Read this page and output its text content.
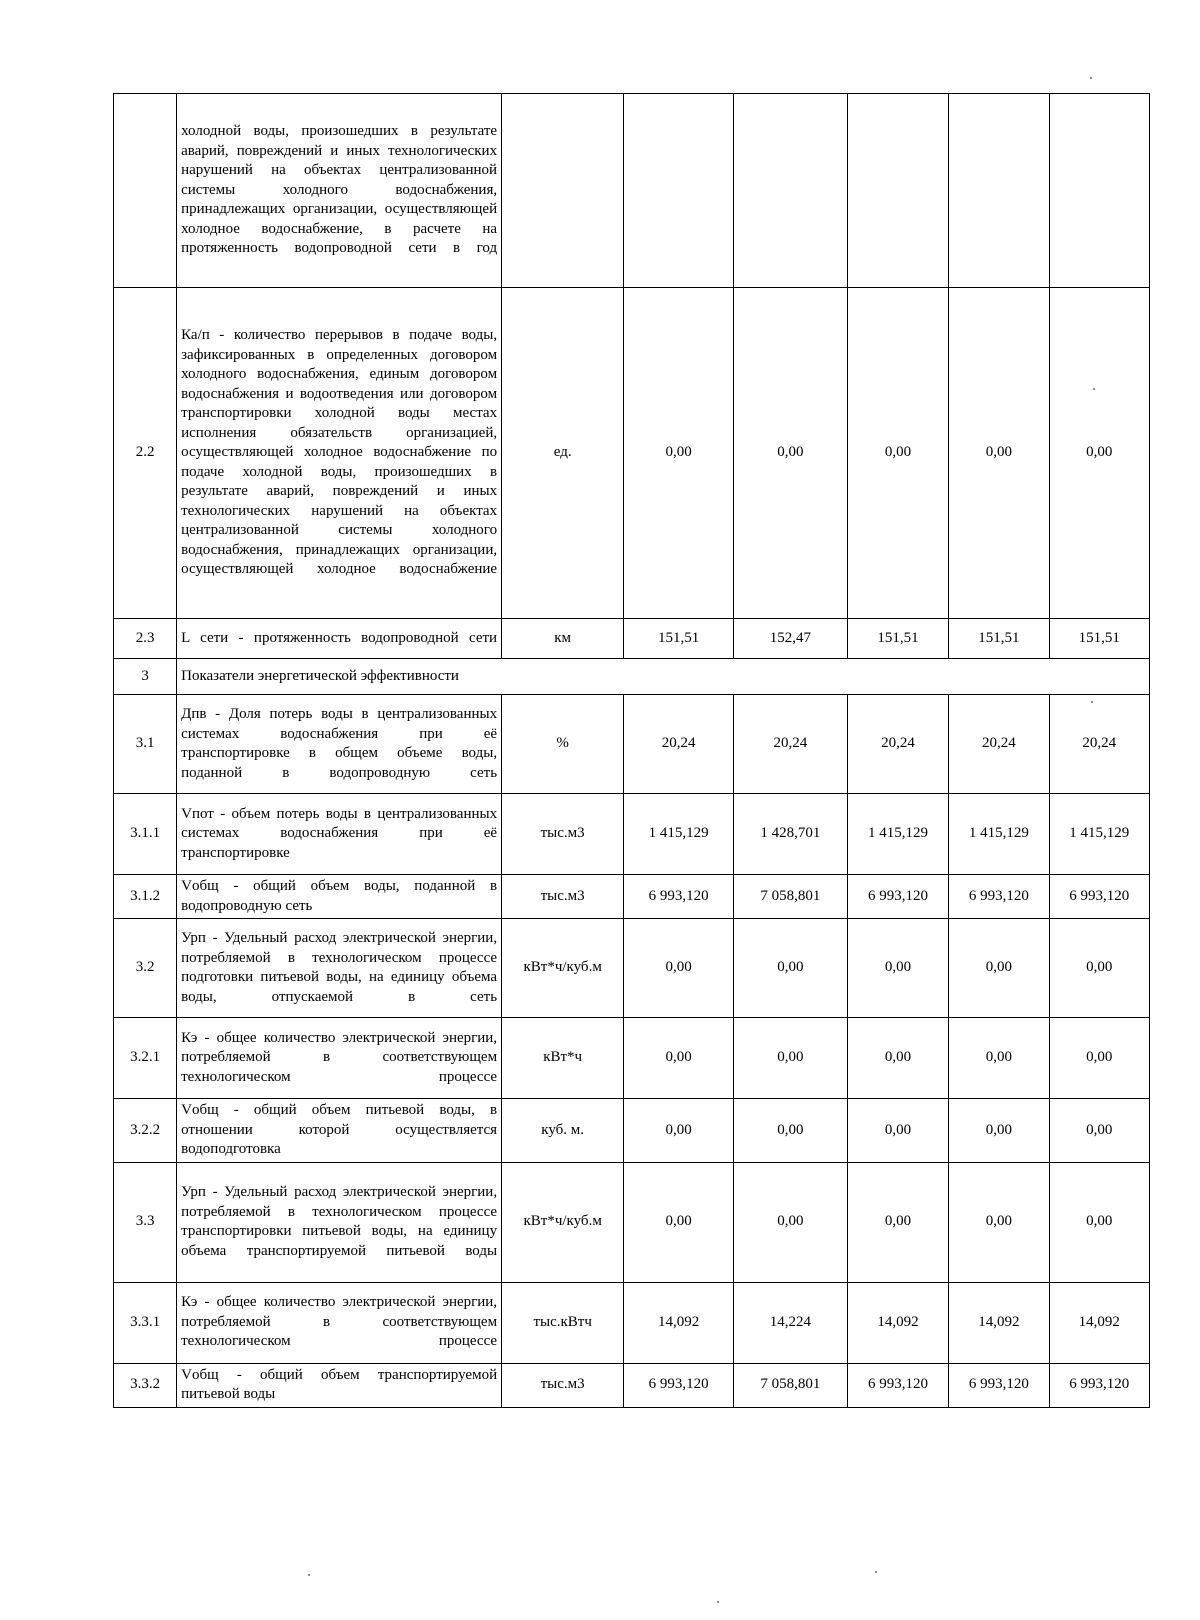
	холодной воды, произошедших в результате аварий, повреждений и иных технологических нарушений на объектах централизованной системы холодного водоснабжения, принадлежащих организации, осуществляющей холодное водоснабжение, в расчете на протяженность водопроводной сети в год						
2.2	Ка/п - количество перерывов в подаче воды, зафиксированных в определенных договором холодного водоснабжения, единым договором водоснабжения и водоотведения или договором транспортировки холодной воды местах исполнения обязательств организацией, осуществляющей холодное водоснабжение по подаче холодной воды, произошедших в результате аварий, повреждений и иных технологических нарушений на объектах централизованной системы холодного водоснабжения, принадлежащих организации, осуществляющей холодное водоснабжение	ед.	0,00	0,00	0,00	0,00	0,00
2.3	L сети - протяженность водопроводной сети	км	151,51	152,47	151,51	151,51	151,51
3	Показатели энергетической эффективности						
3.1	Дпв - Доля потерь воды в централизованных системах водоснабжения при её транспортировке в общем объеме воды, поданной в водопроводную сеть	%	20,24	20,24	20,24	20,24	20,24
3.1.1	Vпот - объем потерь воды в централизованных системах водоснабжения при её транспортировке	тыс.м3	1 415,129	1 428,701	1 415,129	1 415,129	1 415,129
3.1.2	Vобщ - общий объем воды, поданной в водопроводную сеть	тыс.м3	6 993,120	7 058,801	6 993,120	6 993,120	6 993,120
3.2	Урп - Удельный расход электрической энергии, потребляемой в технологическом процессе подготовки питьевой воды, на единицу объема воды, отпускаемой в сеть	кВт*ч/куб.м	0,00	0,00	0,00	0,00	0,00
3.2.1	Кэ - общее количество электрической энергии, потребляемой в соответствующем технологическом процессе	кВт*ч	0,00	0,00	0,00	0,00	0,00
3.2.2	Vобщ - общий объем питьевой воды, в отношении которой осуществляется водоподготовка	куб. м.	0,00	0,00	0,00	0,00	0,00
3.3	Урп - Удельный расход электрической энергии, потребляемой в технологическом процессе транспортировки питьевой воды, на единицу объема транспортируемой питьевой воды	кВт*ч/куб.м	0,00	0,00	0,00	0,00	0,00
3.3.1	Кэ - общее количество электрической энергии, потребляемой в соответствующем технологическом процессе	тыс.кВтч	14,092	14,224	14,092	14,092	14,092
3.3.2	Vобщ - общий объем транспортируемой питьевой воды	тыс.м3	6 993,120	7 058,801	6 993,120	6 993,120	6 993,120
